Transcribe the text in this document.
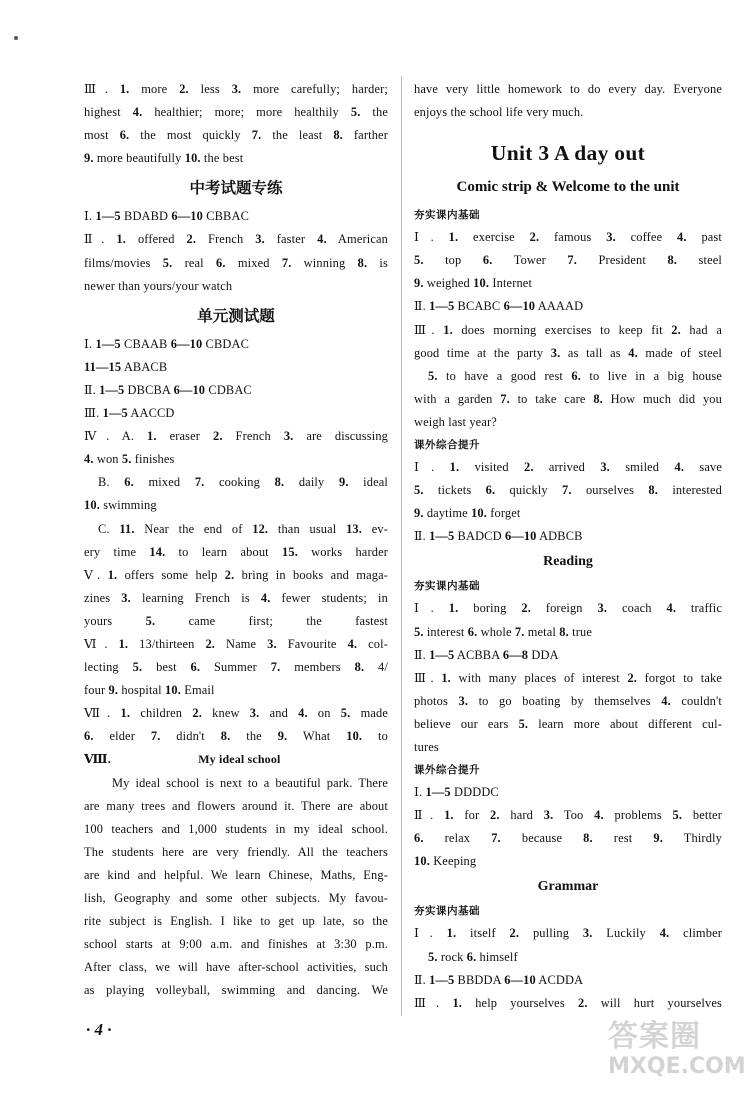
Ⅲ. 1. more 2. less 3. more carefully; harder;
highest 4. healthier; more; more healthily 5. the
most 6. the most quickly 7. the least 8. farther
9. more beautifully 10. the best
中考试题专练
Ⅰ. 1—5 BDABD 6—10 CBBAC
Ⅱ. 1. offered 2. French 3. faster 4. American
films/movies 5. real 6. mixed 7. winning 8. is
newer than yours/your watch
单元测试题
Ⅰ. 1—5 CBAAB 6—10 CBDAC
11—15 ABACB
Ⅱ. 1—5 DBCBA 6—10 CDBAC
Ⅲ. 1—5 AACCD
Ⅳ. A. 1. eraser 2. French 3. are discussing
4. won 5. finishes
B. 6. mixed 7. cooking 8. daily 9. ideal
10. swimming
C. 11. Near the end of 12. than usual 13. ev-
ery time 14. to learn about 15. works harder
Ⅴ. 1. offers some help 2. bring in books and maga-
zines 3. learning French is 4. fewer students; in
yours 5. came first; the fastest
Ⅵ. 1. 13/thirteen 2. Name 3. Favourite 4. col-
lecting 5. best 6. Summer 7. members 8. 4/
four 9. hospital 10. Email
Ⅶ. 1. children 2. knew 3. and 4. on 5. made
6. elder 7. didn't 8. the 9. What 10. to
Ⅷ.	My ideal school
My ideal school is next to a beautiful park. There
are many trees and flowers around it. There are about
100 teachers and 1,000 students in my ideal school.
The students here are very friendly. All the teachers
are kind and helpful. We learn Chinese, Maths, Eng-
lish, Geography and some other subjects. My favou-
rite subject is English. I like to get up late, so the
school starts at 9:00 a.m. and finishes at 3:30 p.m.
After class, we will have after-school activities, such
as playing volleyball, swimming and dancing. We
have very little homework to do every day. Everyone
enjoys the school life very much.
Unit 3 A day out
Comic strip & Welcome to the unit
夯实课内基础
Ⅰ. 1. exercise 2. famous 3. coffee 4. past
5. top 6. Tower 7. President 8. steel
9. weighed 10. Internet
Ⅱ. 1—5 BCABC 6—10 AAAAD
Ⅲ. 1. does morning exercises to keep fit 2. had a
good time at the party 3. as tall as 4. made of steel
5. to have a good rest 6. to live in a big house
with a garden 7. to take care 8. How much did you
weigh last year?
课外综合提升
Ⅰ. 1. visited 2. arrived 3. smiled 4. save
5. tickets 6. quickly 7. ourselves 8. interested
9. daytime 10. forget
Ⅱ. 1—5 BADCD 6—10 ADBCB
Reading
夯实课内基础
Ⅰ. 1. boring 2. foreign 3. coach 4. traffic
5. interest 6. whole 7. metal 8. true
Ⅱ. 1—5 ACBBA 6—8 DDA
Ⅲ. 1. with many places of interest 2. forgot to take
photos 3. to go boating by themselves 4. couldn't
believe our ears 5. learn more about different cul-
tures
课外综合提升
Ⅰ. 1—5 DDDDC
Ⅱ. 1. for 2. hard 3. Too 4. problems 5. better
6. relax 7. because 8. rest 9. Thirdly
10. Keeping
Grammar
夯实课内基础
Ⅰ. 1. itself 2. pulling 3. Luckily 4. climber
5. rock 6. himself
Ⅱ. 1—5 BBDDA 6—10 ACDDA
Ⅲ. 1. help yourselves 2. will hurt yourselves
· 4 ·	答案圈
MXQE.COM
